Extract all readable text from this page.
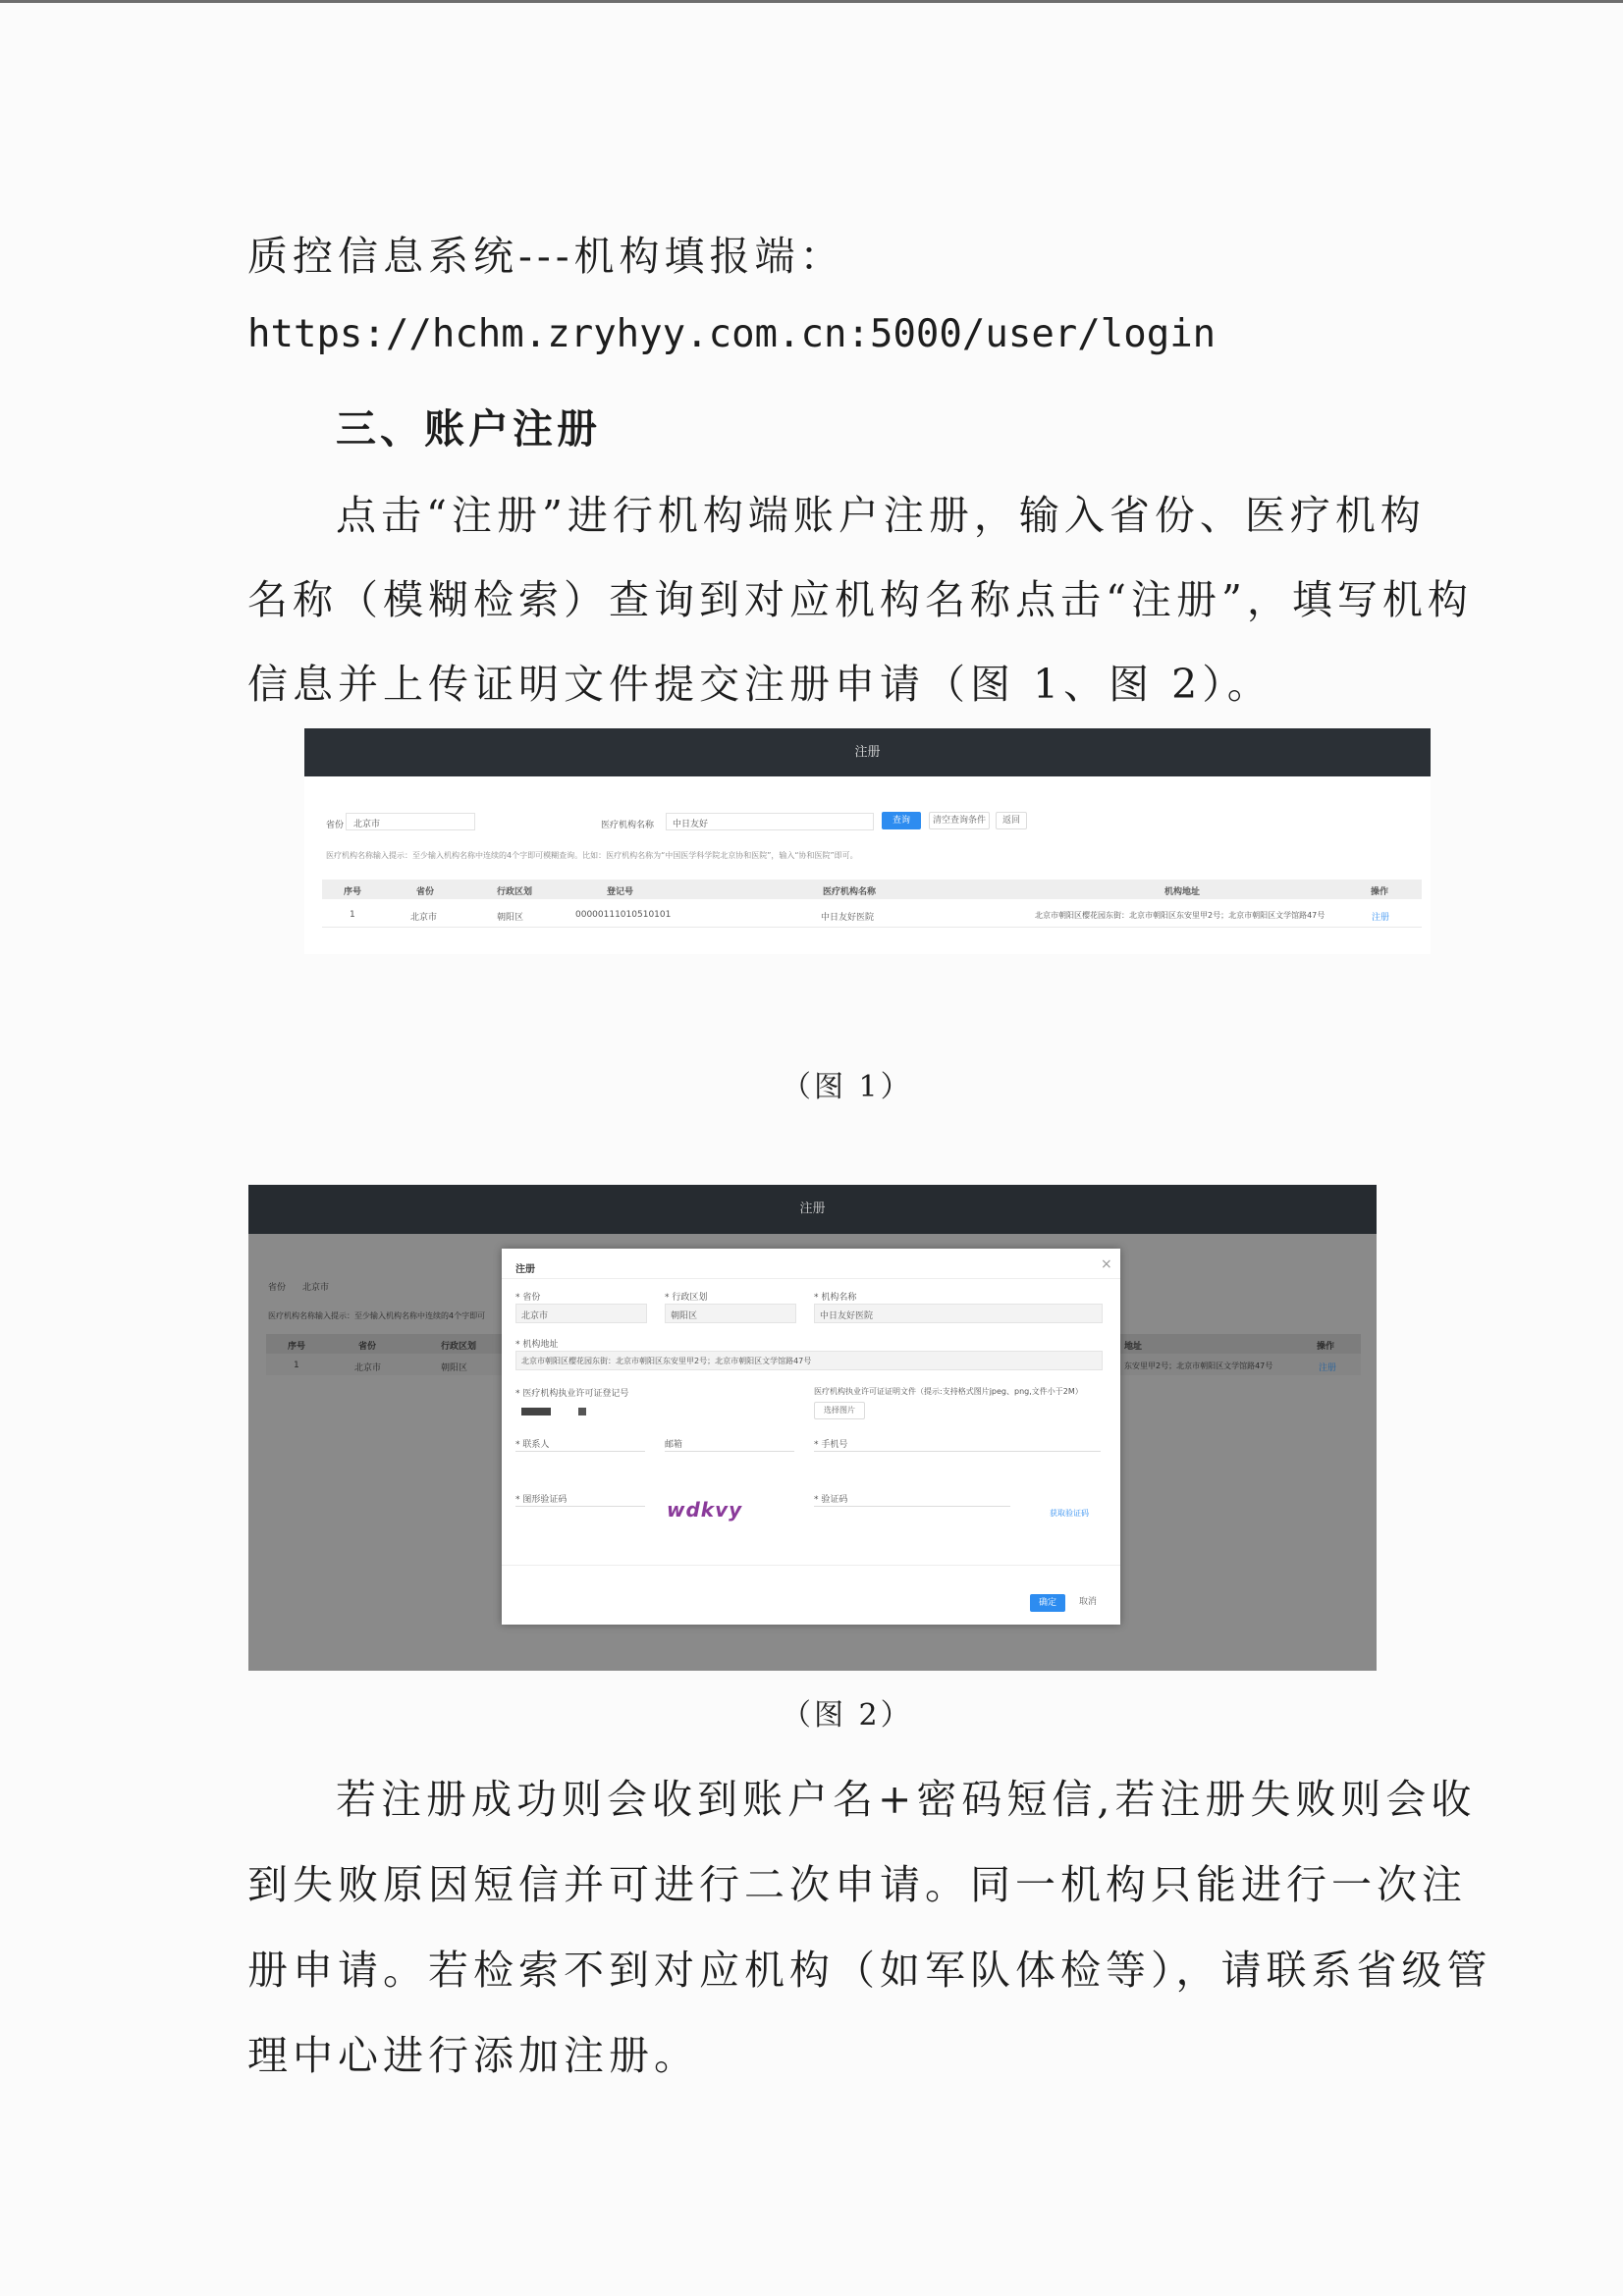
质控信息系统---机构填报端：
https://hchm.zryhyy.com.cn:5000/user/login
三、账户注册
点击“注册”进行机构端账户注册，输入省份、医疗机构
名称（模糊检索）查询到对应机构名称点击“注册”，填写机构
信息并上传证明文件提交注册申请（图 1、图 2）。
注册
省份 北京市	医疗机构名称 中日友好	查询	清空查询条件	返回
医疗机构名称输入提示：至少输入机构名称中连续的4个字即可模糊查询。比如：医疗机构名称为“中国医学科学院北京协和医院”，输入“协和医院”即可。
序号	省份	行政区划	登记号	医疗机构名称	机构地址	操作
1	北京市	朝阳区	00000111010510101	中日友好医院	北京市朝阳区樱花园东街：北京市朝阳区东安里甲2号；北京市朝阳区文学馆路47号	注册
（图 1）
注册
省份 北京市
医疗机构名称输入提示：至少输入机构名称中连续的4个字即可
序号	省份	行政区划	地址	操作
1	北京市	朝阳区	东安里甲2号；北京市朝阳区文学馆路47号	注册
注册	×
* 省份
北京市
* 行政区划
朝阳区
* 机构名称
中日友好医院
* 机构地址
北京市朝阳区樱花园东街：北京市朝阳区东安里甲2号；北京市朝阳区文学馆路47号
* 医疗机构执业许可证登记号	医疗机构执业许可证证明文件（提示:支持格式图片jpeg、png,文件小于2M）
选择图片
* 联系人	邮箱	* 手机号
* 图形验证码	wdkvy	* 验证码
获取验证码
确定	取消
（图 2）
若注册成功则会收到账户名+密码短信,若注册失败则会收
到失败原因短信并可进行二次申请。同一机构只能进行一次注
册申请。若检索不到对应机构（如军队体检等），请联系省级管
理中心进行添加注册。
